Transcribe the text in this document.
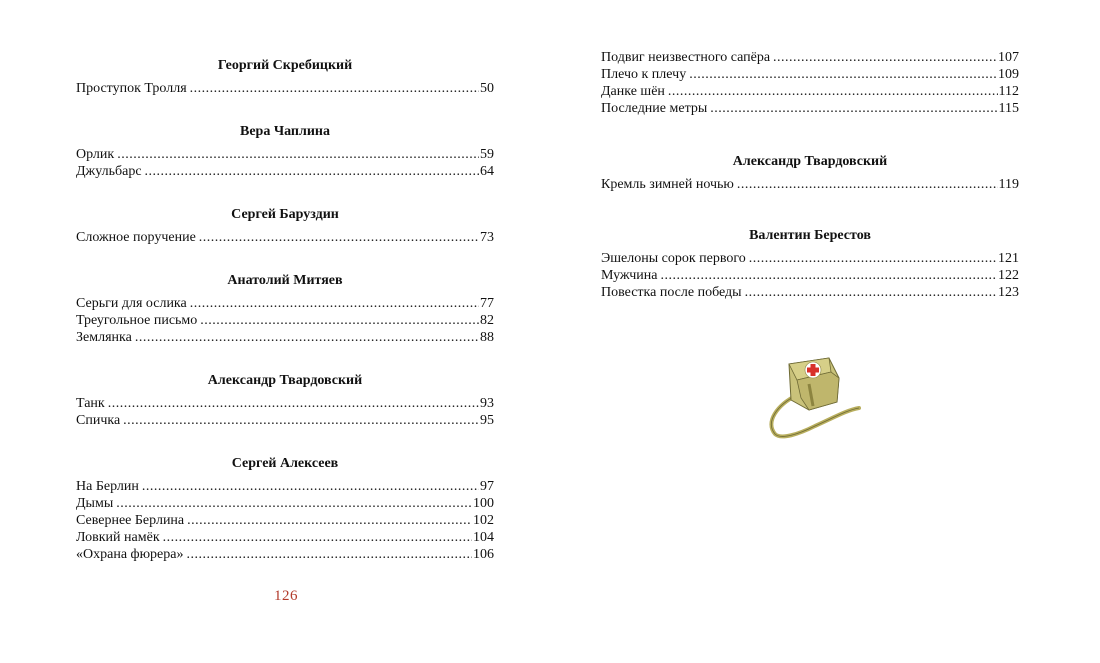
Георгий Скребицкий
Проступок Тролля .....	50
Вера Чаплина
Орлик .....	59
Джульбарс .....	64
Сергей Баруздин
Сложное поручение .....	73
Анатолий Митяев
Серьги для ослика .....	77
Треугольное письмо .....	82
Землянка .....	88
Александр Твардовский
Танк .....	93
Спичка .....	95
Сергей Алексеев
На Берлин .....	97
Дымы .....	100
Севернее Берлина .....	102
Ловкий намёк .....	104
«Охрана фюрера» .....	106
126
Подвиг неизвестного сапёра .....	107
Плечо к плечу .....	109
Данке шён .....	112
Последние метры .....	115
Александр Твардовский
Кремль зимней ночью .....	119
Валентин Берестов
Эшелоны сорок первого .....	121
Мужчина .....	122
Повестка после победы .....	123
